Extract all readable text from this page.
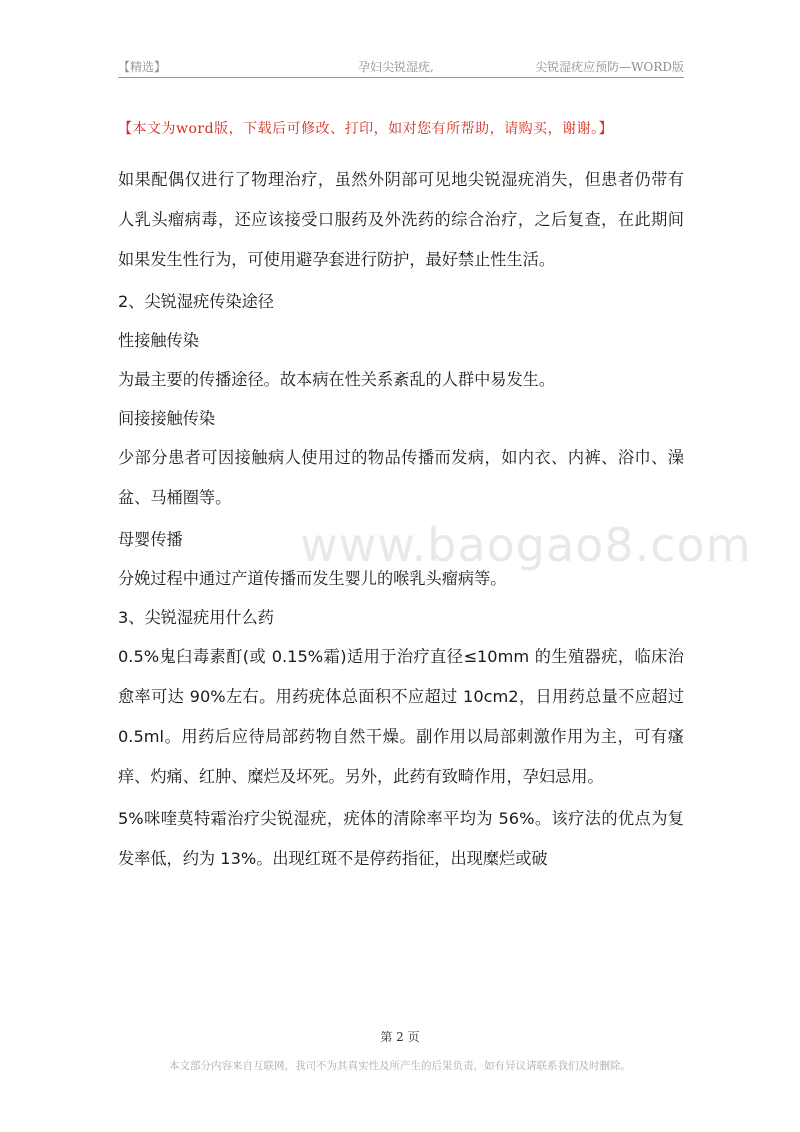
【精选】	孕妇尖锐湿疣,	尖锐湿疣应预防—WORD版
【本文为word版，下载后可修改、打印，如对您有所帮助，请购买，谢谢。】

如果配偶仅进行了物理治疗，虽然外阴部可见地尖锐湿疣消失，但患者仍带有人乳头瘤病毒，还应该接受口服药及外洗药的综合治疗，之后复查，在此期间如果发生性行为，可使用避孕套进行防护，最好禁止性生活。

2、尖锐湿疣传染途径

性接触传染

为最主要的传播途径。故本病在性关系紊乱的人群中易发生。

间接接触传染

少部分患者可因接触病人使用过的物品传播而发病，如内衣、内裤、浴巾、澡盆、马桶圈等。

母婴传播

分娩过程中通过产道传播而发生婴儿的喉乳头瘤病等。

3、尖锐湿疣用什么药

0.5%鬼臼毒素酊(或 0.15%霜)适用于治疗直径≤10mm 的生殖器疣，临床治愈率可达 90%左右。用药疣体总面积不应超过 10cm2，日用药总量不应超过 0.5ml。用药后应待局部药物自然干燥。副作用以局部刺激作用为主，可有瘙痒、灼痛、红肿、糜烂及坏死。另外，此药有致畸作用，孕妇忌用。

5%咪喹莫特霜治疗尖锐湿疣，疣体的清除率平均为 56%。该疗法的优点为复发率低，约为 13%。出现红斑不是停药指征，出现糜烂或破

www.baogao8.com
第 2 页
本文部分内容来自互联网，我司不为其真实性及所产生的后果负责，如有异议请联系我们及时删除。
